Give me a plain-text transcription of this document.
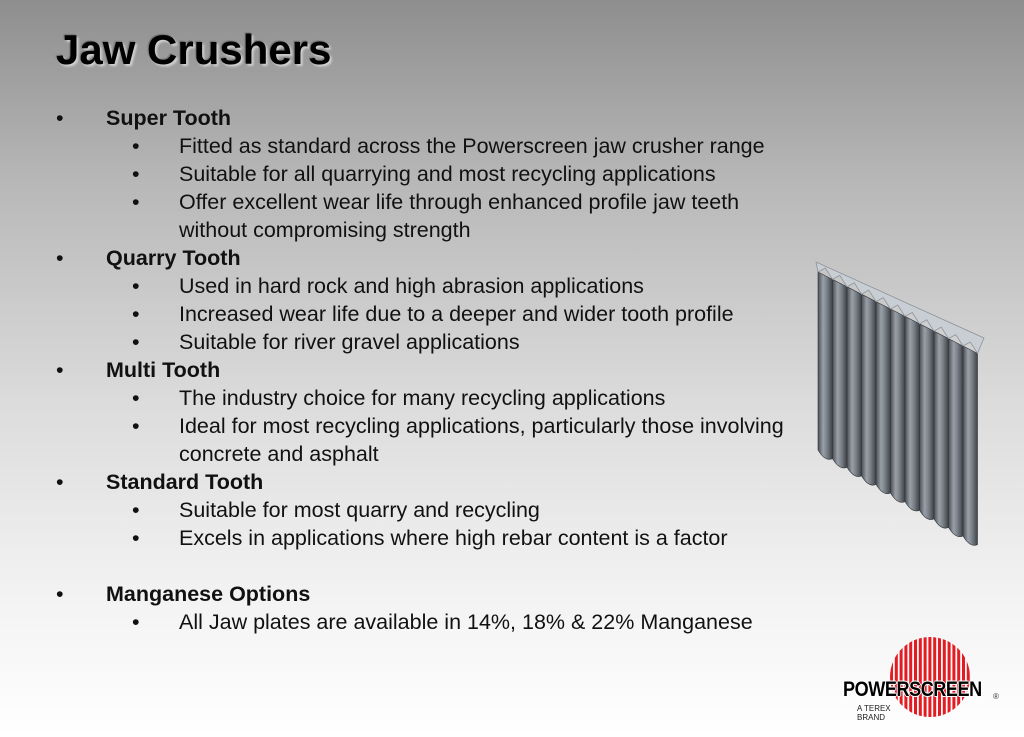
Jaw Crushers
•	Super Tooth
• Fitted as standard across the Powerscreen jaw crusher range
• Suitable for all quarrying and most recycling applications
• Offer excellent wear life through enhanced profile jaw teeth without compromising strength
•	Quarry Tooth
• Used in hard rock and high abrasion applications
• Increased wear life due to a deeper and wider tooth profile
• Suitable for river gravel applications
•	Multi Tooth
• The industry choice for many recycling applications
• Ideal for most recycling applications, particularly those involving concrete and asphalt
•	Standard Tooth
• Suitable for most quarry and recycling
• Excels in applications where high rebar content is a factor
•	Manganese Options
• All Jaw plates are available in 14%, 18% & 22% Manganese
POWERSCREEN ®
A TEREX
BRAND
